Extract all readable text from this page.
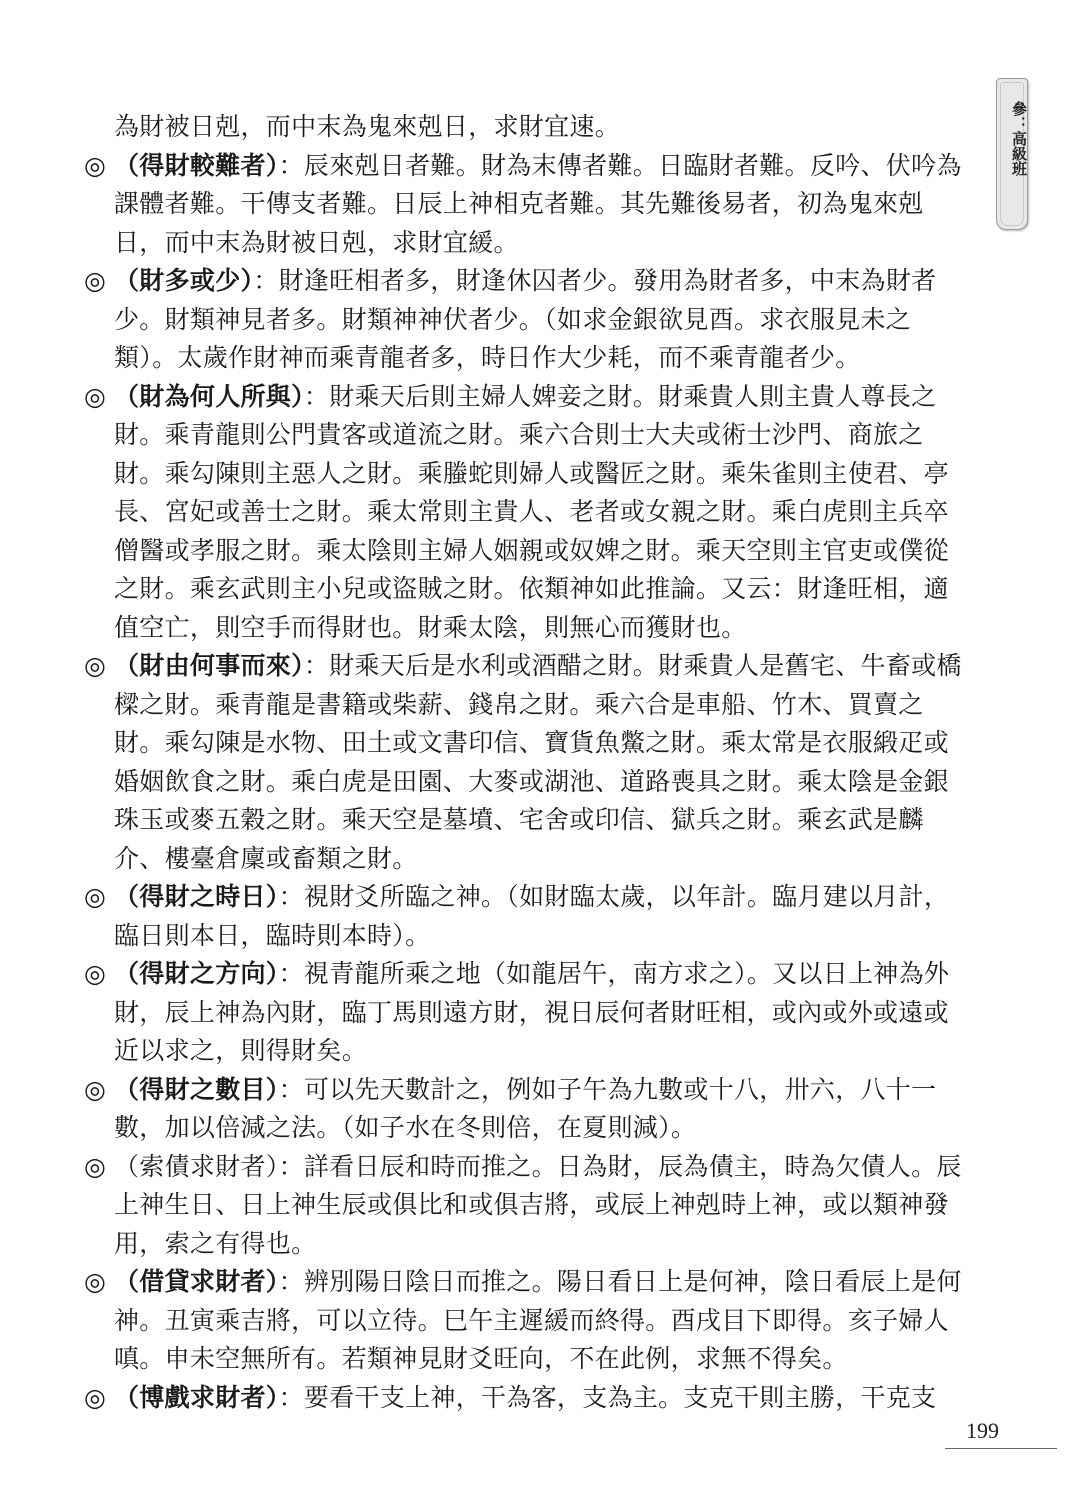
參：高級班

為財被日剋，而中末為鬼來剋日，求財宜速。

◎ （得財較難者）：辰來剋日者難。財為末傳者難。日臨財者難。反吟、伏吟為課體者難。干傳支者難。日辰上神相克者難。其先難後易者，初為鬼來剋日，而中末為財被日剋，求財宜緩。

◎ （財多或少）：財逢旺相者多，財逢休囚者少。發用為財者多，中末為財者少。財類神見者多。財類神神伏者少。（如求金銀欲見酉。求衣服見未之類）。太歲作財神而乘青龍者多，時日作大少耗，而不乘青龍者少。

◎ （財為何人所與）：財乘天后則主婦人婢妾之財。財乘貴人則主貴人尊長之財。乘青龍則公門貴客或道流之財。乘六合則士大夫或術士沙門、商旅之財。乘勾陳則主惡人之財。乘螣蛇則婦人或醫匠之財。乘朱雀則主使君、亭長、宮妃或善士之財。乘太常則主貴人、老者或女親之財。乘白虎則主兵卒僧醫或孝服之財。乘太陰則主婦人姻親或奴婢之財。乘天空則主官吏或僕從之財。乘玄武則主小兒或盜賊之財。依類神如此推論。又云：財逢旺相，適值空亡，則空手而得財也。財乘太陰，則無心而獲財也。

◎ （財由何事而來）：財乘天后是水利或酒醋之財。財乘貴人是舊宅、牛畜或橋樑之財。乘青龍是書籍或柴薪、錢帛之財。乘六合是車船、竹木、買賣之財。乘勾陳是水物、田土或文書印信、寶貨魚鱉之財。乘太常是衣服緞疋或婚姻飲食之財。乘白虎是田園、大麥或湖池、道路喪具之財。乘太陰是金銀珠玉或麥五穀之財。乘天空是墓墳、宅舍或印信、獄兵之財。乘玄武是麟介、樓臺倉廩或畜類之財。

◎ （得財之時日）：視財爻所臨之神。（如財臨太歲，以年計。臨月建以月計，臨日則本日，臨時則本時）。

◎ （得財之方向）：視青龍所乘之地（如龍居午，南方求之）。又以日上神為外財，辰上神為內財，臨丁馬則遠方財，視日辰何者財旺相，或內或外或遠或近以求之，則得財矣。

◎ （得財之數目）：可以先天數計之，例如子午為九數或十八，卅六，八十一數，加以倍減之法。（如子水在冬則倍，在夏則減）。

◎ （索債求財者）：詳看日辰和時而推之。日為財，辰為債主，時為欠債人。辰上神生日、日上神生辰或俱比和或俱吉將，或辰上神剋時上神，或以類神發用，索之有得也。

◎ （借貸求財者）：辨別陽日陰日而推之。陽日看日上是何神，陰日看辰上是何神。丑寅乘吉將，可以立待。巳午主遲緩而終得。酉戌目下即得。亥子婦人嗔。申未空無所有。若類神見財爻旺向，不在此例，求無不得矣。

◎ （博戲求財者）：要看干支上神，干為客，支為主。支克干則主勝，干克支

199
